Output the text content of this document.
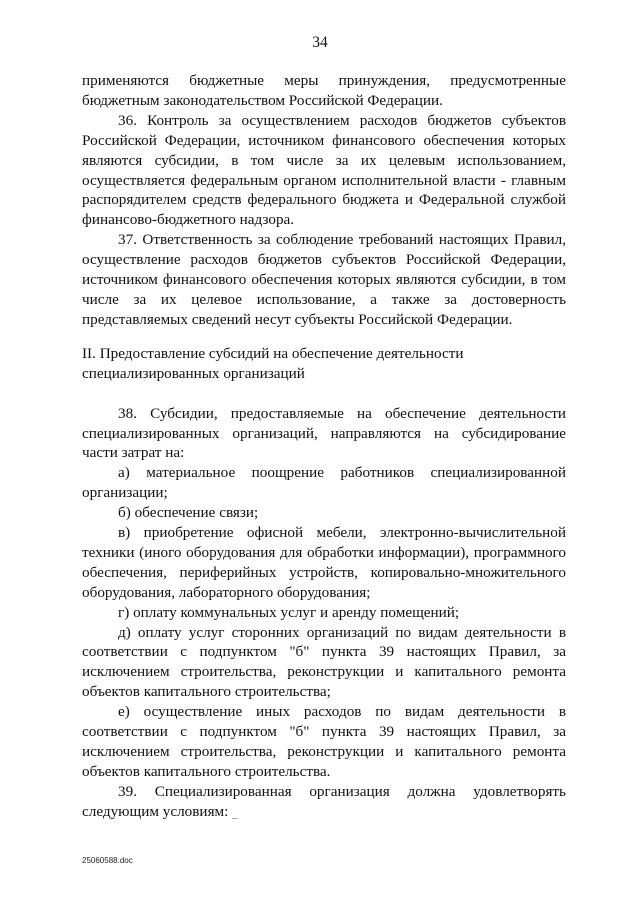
34

применяются бюджетные меры принуждения, предусмотренные бюджетным законодательством Российской Федерации.

36. Контроль за осуществлением расходов бюджетов субъектов Российской Федерации, источником финансового обеспечения которых являются субсидии, в том числе за их целевым использованием, осуществляется федеральным органом исполнительной власти - главным распорядителем средств федерального бюджета и Федеральной службой финансово-бюджетного надзора.

37. Ответственность за соблюдение требований настоящих Правил, осуществление расходов бюджетов субъектов Российской Федерации, источником финансового обеспечения которых являются субсидии, в том числе за их целевое использование, а также за достоверность представляемых сведений несут субъекты Российской Федерации.

II. Предоставление субсидий на обеспечение деятельности
специализированных организаций

38. Субсидии, предоставляемые на обеспечение деятельности специализированных организаций, направляются на субсидирование части затрат на:

а) материальное поощрение работников специализированной организации;

б) обеспечение связи;

в) приобретение офисной мебели, электронно-вычислительной техники (иного оборудования для обработки информации), программного обеспечения, периферийных устройств, копировально-множительного оборудования, лабораторного оборудования;

г) оплату коммунальных услуг и аренду помещений;

д) оплату услуг сторонних организаций по видам деятельности в соответствии с подпунктом "б" пункта 39 настоящих Правил, за исключением строительства, реконструкции и капитального ремонта объектов капитального строительства;

е) осуществление иных расходов по видам деятельности в соответствии с подпунктом "б" пункта 39 настоящих Правил, за исключением строительства, реконструкции и капитального ремонта объектов капитального строительства.

39. Специализированная организация должна удовлетворять следующим условиям:

25060588.doc
